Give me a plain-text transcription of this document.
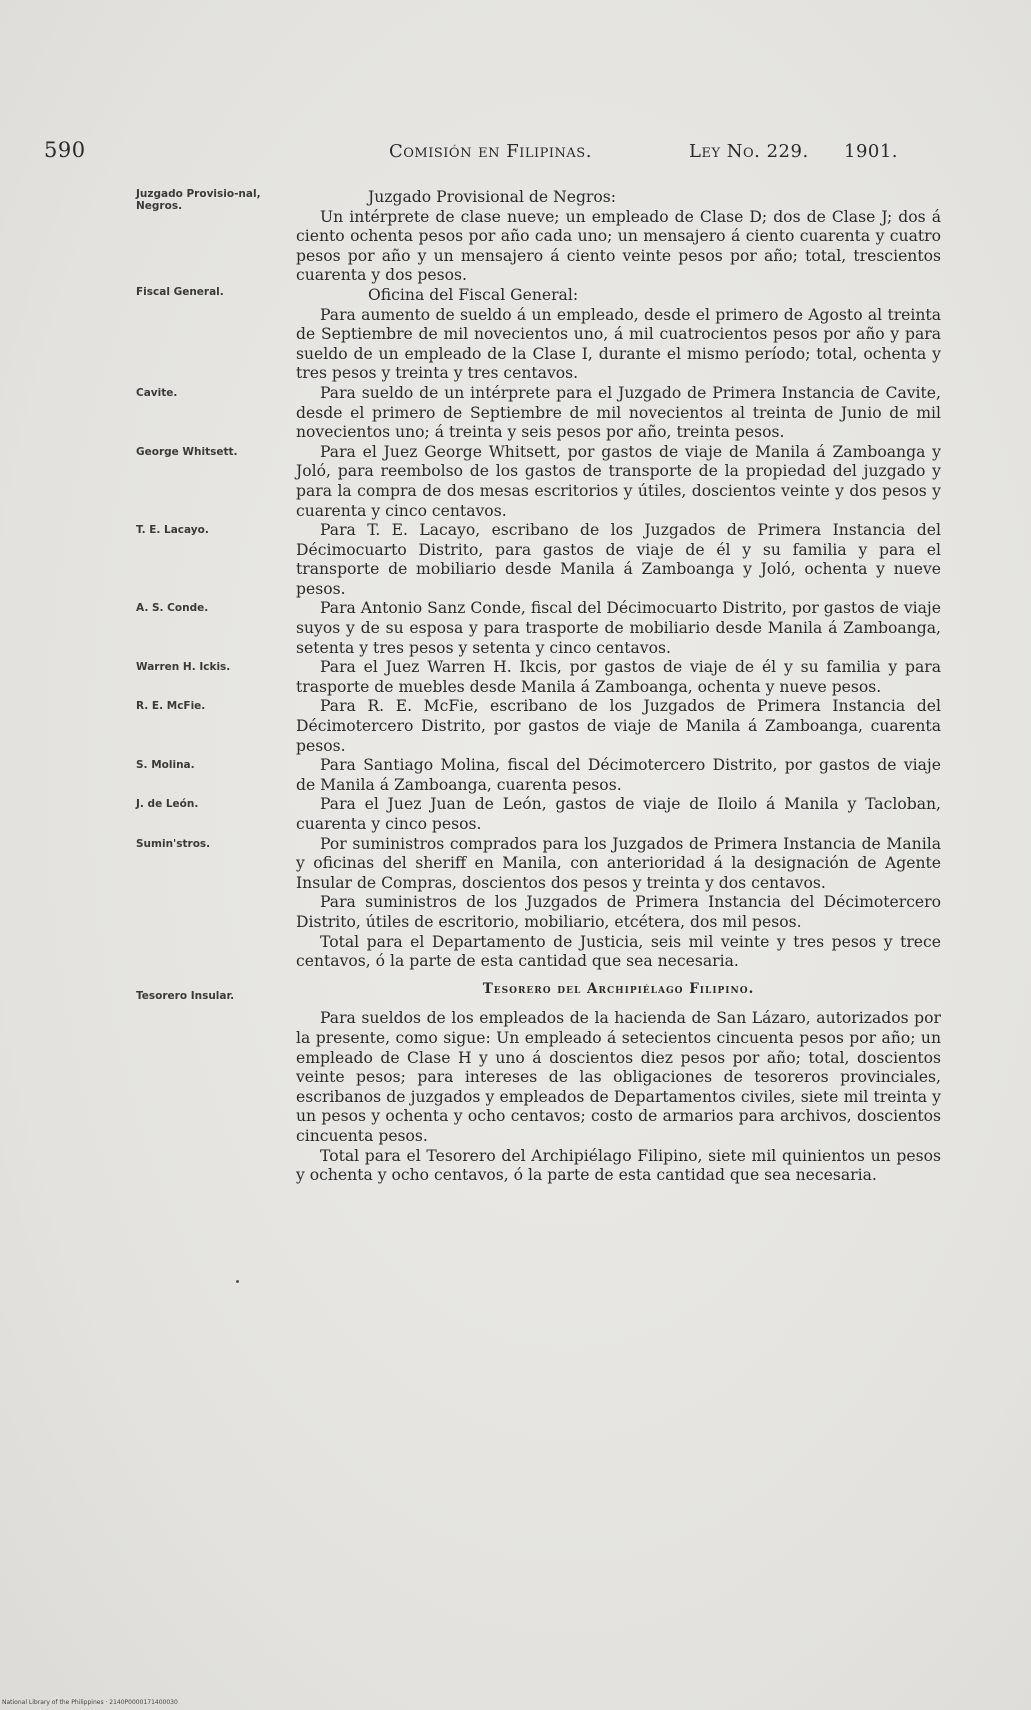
590	Comisión en Filipinas.	Ley No. 229. 1901.
Juzgado Provisio-nal, Negros.	Juzgado Provisional de Negros:

Un intérprete de clase nueve; un empleado de Clase D; dos de Clase J; dos á ciento ochenta pesos por año cada uno; un mensajero á ciento cuarenta y cuatro pesos por año y un mensajero á ciento veinte pesos por año; total, trescientos cuarenta y dos pesos.

Fiscal General.	Oficina del Fiscal General:

Para aumento de sueldo á un empleado, desde el primero de Agosto al treinta de Septiembre de mil novecientos uno, á mil cuatrocientos pesos por año y para sueldo de un empleado de la Clase I, durante el mismo período; total, ochenta y tres pesos y treinta y tres centavos.

Cavite.	Para sueldo de un intérprete para el Juzgado de Primera Instancia de Cavite, desde el primero de Septiembre de mil novecientos al treinta de Junio de mil novecientos uno; á treinta y seis pesos por año, treinta pesos.

George Whitsett.	Para el Juez George Whitsett, por gastos de viaje de Manila á Zamboanga y Joló, para reembolso de los gastos de transporte de la propiedad del juzgado y para la compra de dos mesas escritorios y útiles, doscientos veinte y dos pesos y cuarenta y cinco centavos.

T. E. Lacayo.	Para T. E. Lacayo, escribano de los Juzgados de Primera Instancia del Décimocuarto Distrito, para gastos de viaje de él y su familia y para el transporte de mobiliario desde Manila á Zamboanga y Joló, ochenta y nueve pesos.

A. S. Conde.	Para Antonio Sanz Conde, fiscal del Décimocuarto Distrito, por gastos de viaje suyos y de su esposa y para trasporte de mobiliario desde Manila á Zamboanga, setenta y tres pesos y setenta y cinco centavos.

Warren H. Ickis.	Para el Juez Warren H. Ikcis, por gastos de viaje de él y su familia y para trasporte de muebles desde Manila á Zamboanga, ochenta y nueve pesos.

R. E. McFie.	Para R. E. McFie, escribano de los Juzgados de Primera Instancia del Décimotercero Distrito, por gastos de viaje de Manila á Zamboanga, cuarenta pesos.

S. Molina.	Para Santiago Molina, fiscal del Décimotercero Distrito, por gastos de viaje de Manila á Zamboanga, cuarenta pesos.

J. de León.	Para el Juez Juan de León, gastos de viaje de Iloilo á Manila y Tacloban, cuarenta y cinco pesos.

Sumin'stros.	Por suministros comprados para los Juzgados de Primera Instancia de Manila y oficinas del sheriff en Manila, con anterioridad á la designación de Agente Insular de Compras, doscientos dos pesos y treinta y dos centavos.

Para suministros de los Juzgados de Primera Instancia del Décimotercero Distrito, útiles de escritorio, mobiliario, etcétera, dos mil pesos.

Total para el Departamento de Justicia, seis mil veinte y tres pesos y trece centavos, ó la parte de esta cantidad que sea necesaria.

Tesorero Insular.	Tesorero del Archipiélago Filipino.

Para sueldos de los empleados de la hacienda de San Lázaro, autorizados por la presente, como sigue: Un empleado á setecientos cincuenta pesos por año; un empleado de Clase H y uno á doscientos diez pesos por año; total, doscientos veinte pesos; para intereses de las obligaciones de tesoreros provinciales, escribanos de juzgados y empleados de Departamentos civiles, siete mil treinta y un pesos y ochenta y ocho centavos; costo de armarios para archivos, doscientos cincuenta pesos.

Total para el Tesorero del Archipiélago Filipino, siete mil quinientos un pesos y ochenta y ocho centavos, ó la parte de esta cantidad que sea necesaria.

National Library of the Philippines · 2140P0000171400030
